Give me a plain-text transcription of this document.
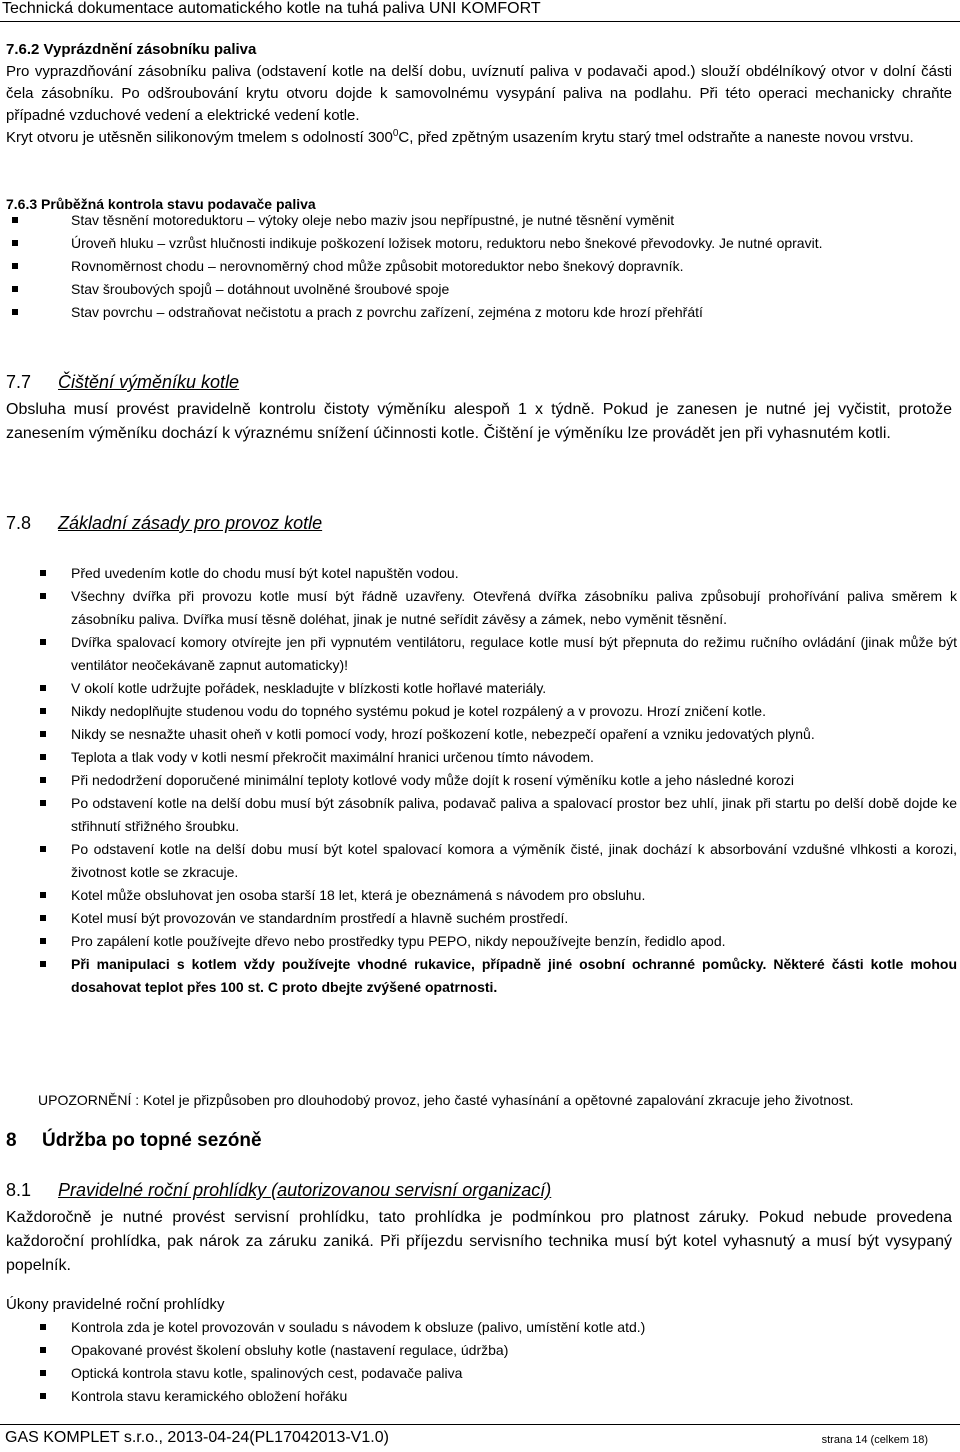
Technická dokumentace automatického kotle na tuhá paliva UNI KOMFORT
7.6.2 Vyprázdnění zásobníku paliva
Pro vyprazdňování zásobníku paliva (odstavení kotle na delší dobu, uvíznutí paliva v podavači apod.) slouží obdélníkový otvor v dolní části čela zásobníku. Po odšroubování krytu otvoru dojde k samovolnému vysypání paliva na podlahu. Při této operaci mechanicky chraňte případné vzduchové vedení a elektrické vedení kotle.
Kryt otvoru je utěsněn silikonovým tmelem s odolností $300^0C$, před zpětným usazením krytu starý tmel odstraňte a naneste novou vrstvu.
7.6.3 Průběžná kontrola stavu podavače paliva
Stav těsnění motoreduktoru – výtoky oleje nebo maziv jsou nepřípustné, je nutné těsnění vyměnit
Úroveň hluku – vzrůst hlučnosti indikuje poškození ložisek motoru, reduktoru nebo šnekové převodovky. Je nutné opravit.
Rovnoměrnost chodu – nerovnoměrný chod může způsobit motoreduktor nebo šnekový dopravník.
Stav šroubových spojů – dotáhnout uvolněné šroubové spoje
Stav povrchu – odstraňovat nečistotu a prach z povrchu zařízení, zejména z motoru kde hrozí přehřátí
7.7 Čištění výměníku kotle
Obsluha musí provést pravidelně kontrolu čistoty výměníku alespoň 1 x týdně. Pokud je zanesen je nutné jej vyčistit, protože zanesením výměníku dochází k výraznému snížení účinnosti kotle. Čištění je výměníku lze provádět jen při vyhasnutém kotli.
7.8 Základní zásady pro provoz kotle
Před uvedením kotle do chodu musí být kotel napuštěn vodou.
Všechny dvířka při provozu kotle musí být řádně uzavřeny. Otevřená dvířka zásobníku paliva způsobují prohořívání paliva směrem k zásobníku paliva. Dvířka musí těsně doléhat, jinak je nutné seřídit závěsy a zámek, nebo vyměnit těsnění.
Dvířka spalovací komory otvírejte jen při vypnutém ventilátoru, regulace kotle musí být přepnuta do režimu ručního ovládání (jinak může být ventilátor neočekávaně zapnut automaticky)!
V okolí kotle udržujte pořádek, neskladujte v blízkosti kotle hořlavé materiály.
Nikdy nedoplňujte studenou vodu do topného systému pokud je kotel rozpálený a v provozu. Hrozí zničení kotle.
Nikdy se nesnažte uhasit oheň v kotli pomocí vody, hrozí poškození kotle, nebezpečí opaření a vzniku jedovatých plynů.
Teplota a tlak vody v kotli nesmí překročit maximální hranici určenou tímto návodem.
Při nedodržení doporučené minimální teploty kotlové vody může dojít k rosení výměníku kotle a jeho následné korozi
Po odstavení kotle na delší dobu musí být zásobník paliva, podavač paliva a spalovací prostor bez uhlí, jinak při startu po delší době dojde ke střihnutí střižného šroubku.
Po odstavení kotle na delší dobu musí být kotel spalovací komora a výměník čisté, jinak dochází k absorbování vzdušné vlhkosti a korozi, životnost kotle se zkracuje.
Kotel může obsluhovat jen osoba starší 18 let, která je obeznámená s návodem pro obsluhu.
Kotel musí být provozován ve standardním prostředí a hlavně suchém prostředí.
Pro zapálení kotle používejte dřevo nebo prostředky typu PEPO, nikdy nepoužívejte benzín, ředidlo apod.
Při manipulaci s kotlem vždy používejte vhodné rukavice, případně jiné osobní ochranné pomůcky. Některé části kotle mohou dosahovat teplot přes 100 st. C proto dbejte zvýšené opatrnosti.
UPOZORNĚNÍ : Kotel je přizpůsoben pro dlouhodobý provoz, jeho časté vyhasínání a opětovné zapalování zkracuje jeho životnost.
8 Údržba po topné sezóně
8.1 Pravidelné roční prohlídky (autorizovanou servisní organizací)
Každoročně je nutné provést servisní prohlídku, tato prohlídka je podmínkou pro platnost záruky. Pokud nebude provedena každoroční prohlídka, pak nárok za záruku zaniká. Při příjezdu servisního technika musí být kotel vyhasnutý a musí být vysypaný popelník.
Úkony pravidelné roční prohlídky
Kontrola zda je kotel provozován v souladu s návodem k obsluze (palivo, umístění kotle atd.)
Opakované provést školení obsluhy kotle (nastavení regulace, údržba)
Optická kontrola stavu kotle, spalinových cest, podavače paliva
Kontrola stavu keramického obložení hořáku
GAS KOMPLET s.r.o., 2013-04-24(PL17042013-V1.0)	strana 14 (celkem 18)
